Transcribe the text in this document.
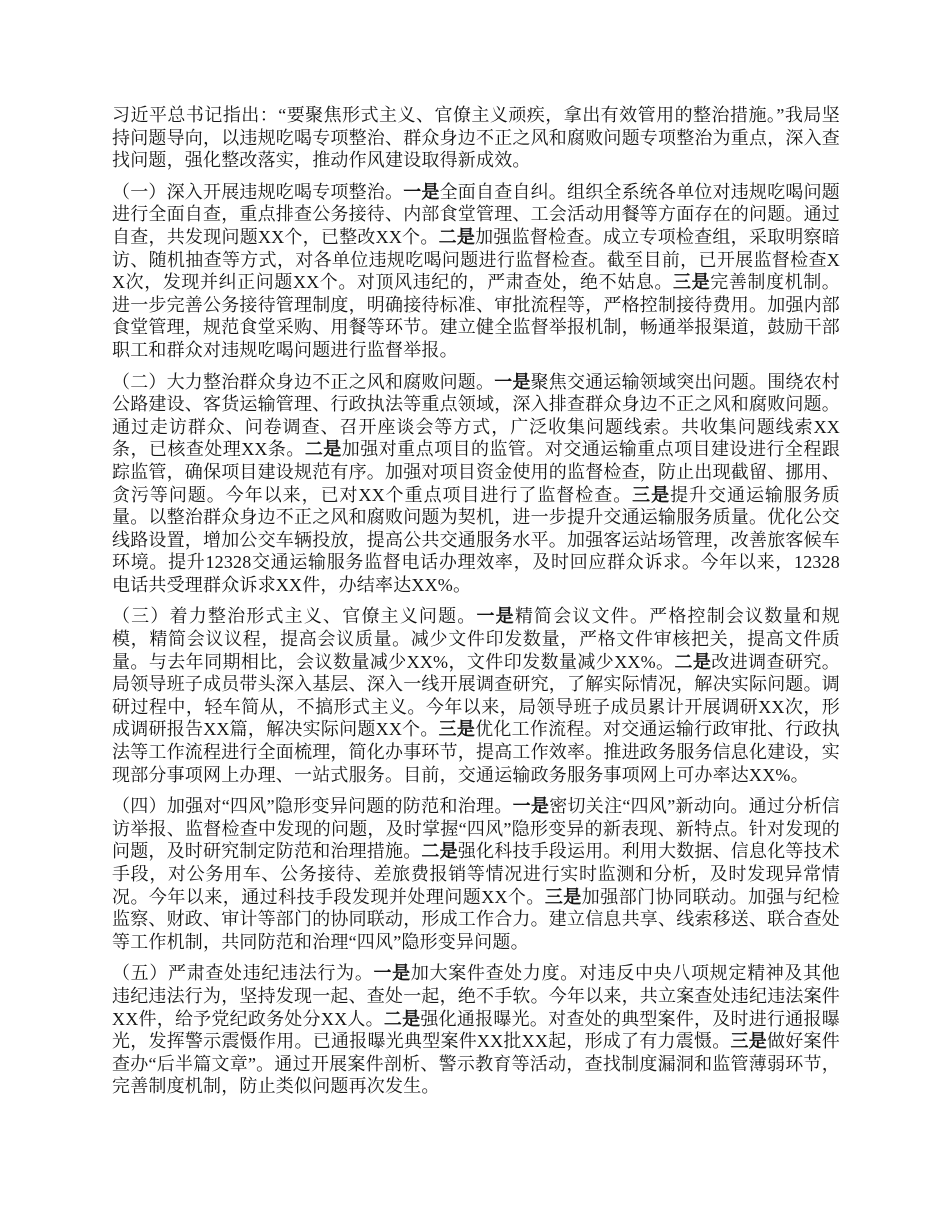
习近平总书记指出：“要聚焦形式主义、官僚主义顽疾，拿出有效管用的整治措施。”我局坚持问题导向，以违规吃喝专项整治、群众身边不正之风和腐败问题专项整治为重点，深入查找问题，强化整改落实，推动作风建设取得新成效。

（一）深入开展违规吃喝专项整治。一是全面自查自纠。组织全系统各单位对违规吃喝问题进行全面自查，重点排查公务接待、内部食堂管理、工会活动用餐等方面存在的问题。通过自查，共发现问题XX个，已整改XX个。二是加强监督检查。成立专项检查组，采取明察暗访、随机抽查等方式，对各单位违规吃喝问题进行监督检查。截至目前，已开展监督检查XX次，发现并纠正问题XX个。对顶风违纪的，严肃查处，绝不姑息。三是完善制度机制。进一步完善公务接待管理制度，明确接待标准、审批流程等，严格控制接待费用。加强内部食堂管理，规范食堂采购、用餐等环节。建立健全监督举报机制，畅通举报渠道，鼓励干部职工和群众对违规吃喝问题进行监督举报。

（二）大力整治群众身边不正之风和腐败问题。一是聚焦交通运输领域突出问题。围绕农村公路建设、客货运输管理、行政执法等重点领域，深入排查群众身边不正之风和腐败问题。通过走访群众、问卷调查、召开座谈会等方式，广泛收集问题线索。共收集问题线索XX条，已核查处理XX条。二是加强对重点项目的监管。对交通运输重点项目建设进行全程跟踪监管，确保项目建设规范有序。加强对项目资金使用的监督检查，防止出现截留、挪用、贪污等问题。今年以来，已对XX个重点项目进行了监督检查。三是提升交通运输服务质量。以整治群众身边不正之风和腐败问题为契机，进一步提升交通运输服务质量。优化公交线路设置，增加公交车辆投放，提高公共交通服务水平。加强客运站场管理，改善旅客候车环境。提升12328交通运输服务监督电话办理效率，及时回应群众诉求。今年以来，12328电话共受理群众诉求XX件，办结率达XX%。

（三）着力整治形式主义、官僚主义问题。一是精简会议文件。严格控制会议数量和规模，精简会议议程，提高会议质量。减少文件印发数量，严格文件审核把关，提高文件质量。与去年同期相比，会议数量减少XX%，文件印发数量减少XX%。二是改进调查研究。局领导班子成员带头深入基层、深入一线开展调查研究，了解实际情况，解决实际问题。调研过程中，轻车简从，不搞形式主义。今年以来，局领导班子成员累计开展调研XX次，形成调研报告XX篇，解决实际问题XX个。三是优化工作流程。对交通运输行政审批、行政执法等工作流程进行全面梳理，简化办事环节，提高工作效率。推进政务服务信息化建设，实现部分事项网上办理、一站式服务。目前，交通运输政务服务事项网上可办率达XX%。

（四）加强对“四风”隐形变异问题的防范和治理。一是密切关注“四风”新动向。通过分析信访举报、监督检查中发现的问题，及时掌握“四风”隐形变异的新表现、新特点。针对发现的问题，及时研究制定防范和治理措施。二是强化科技手段运用。利用大数据、信息化等技术手段，对公务用车、公务接待、差旅费报销等情况进行实时监测和分析，及时发现异常情况。今年以来，通过科技手段发现并处理问题XX个。三是加强部门协同联动。加强与纪检监察、财政、审计等部门的协同联动，形成工作合力。建立信息共享、线索移送、联合查处等工作机制，共同防范和治理“四风”隐形变异问题。

（五）严肃查处违纪违法行为。一是加大案件查处力度。对违反中央八项规定精神及其他违纪违法行为，坚持发现一起、查处一起，绝不手软。今年以来，共立案查处违纪违法案件XX件，给予党纪政务处分XX人。二是强化通报曝光。对查处的典型案件，及时进行通报曝光，发挥警示震慑作用。已通报曝光典型案件XX批XX起，形成了有力震慑。三是做好案件查办“后半篇文章”。通过开展案件剖析、警示教育等活动，查找制度漏洞和监管薄弱环节，完善制度机制，防止类似问题再次发生。
